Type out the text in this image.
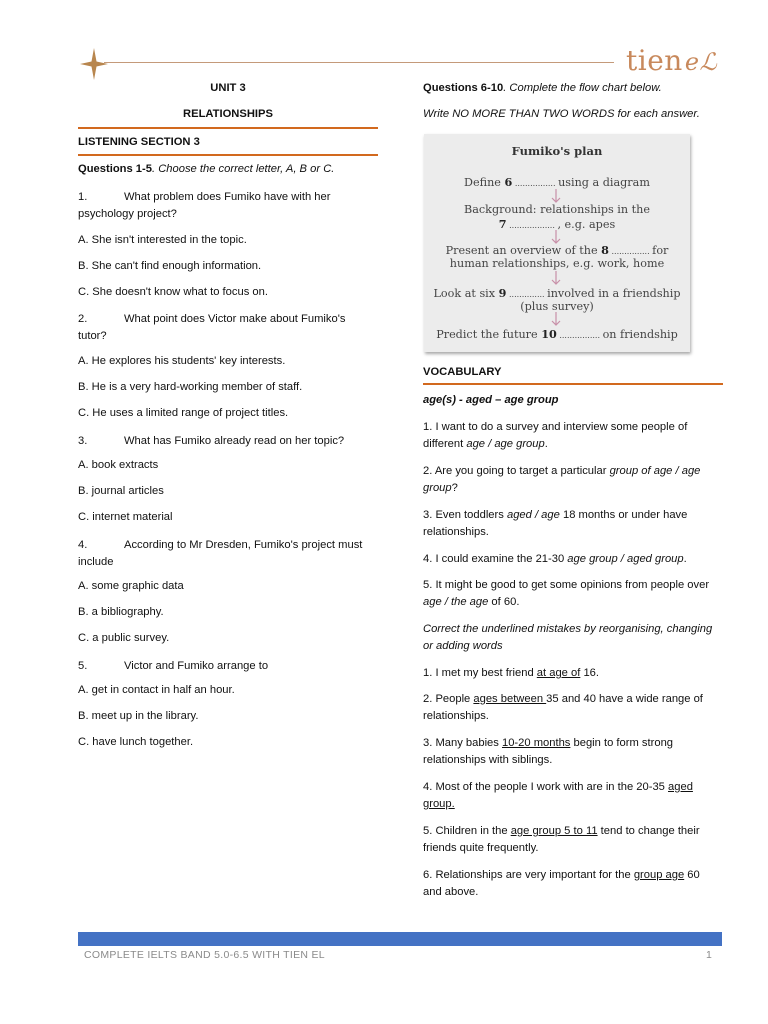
tieneℒ
UNIT 3
RELATIONSHIPS
LISTENING SECTION 3
Questions 1-5. Choose the correct letter, A, B or C.
1.	What problem does Fumiko have with her
psychology project?
A. She isn't interested in the topic.
B. She can't find enough information.
C. She doesn't know what to focus on.
2.	What point does Victor make about Fumiko's
tutor?
A. He explores his students' key interests.
B. He is a very hard-working member of staff.
C. He uses a limited range of project titles.
3.	What has Fumiko already read on her topic?
A. book extracts
B. journal articles
C. internet material
4.	According to Mr Dresden, Fumiko's project must
include
A. some graphic data
B. a bibliography.
C. a public survey.
5.	Victor and Fumiko arrange to
A. get in contact in half an hour.
B. meet up in the library.
C. have lunch together.
Questions 6-10. Complete the flow chart below.
Write NO MORE THAN TWO WORDS for each answer.
Fumiko's plan
Define 6 ................ using a diagram
Background: relationships in the
7 .................. , e.g. apes
Present an overview of the 8 ............... for
human relationships, e.g. work, home
Look at six 9 .............. involved in a friendship
(plus survey)
Predict the future 10 ................ on friendship
VOCABULARY
age(s) - aged – age group
1. I want to do a survey and interview some people of
different age / age group.
2. Are you going to target a particular group of age / age
group?
3. Even toddlers aged / age 18 months or under have
relationships.
4. I could examine the 21-30 age group / aged group.
5. It might be good to get some opinions from people over
age / the age of 60.
Correct the underlined mistakes by reorganising, changing
or adding words
1. I met my best friend at age of 16.
2. People ages between 35 and 40 have a wide range of
relationships.
3. Many babies 10-20 months begin to form strong
relationships with siblings.
4. Most of the people I work with are in the 20-35 aged
group.
5. Children in the age group 5 to 11 tend to change their
friends quite frequently.
6. Relationships are very important for the group age 60
and above.
COMPLETE IELTS BAND 5.0-6.5 WITH TIEN EL	1
